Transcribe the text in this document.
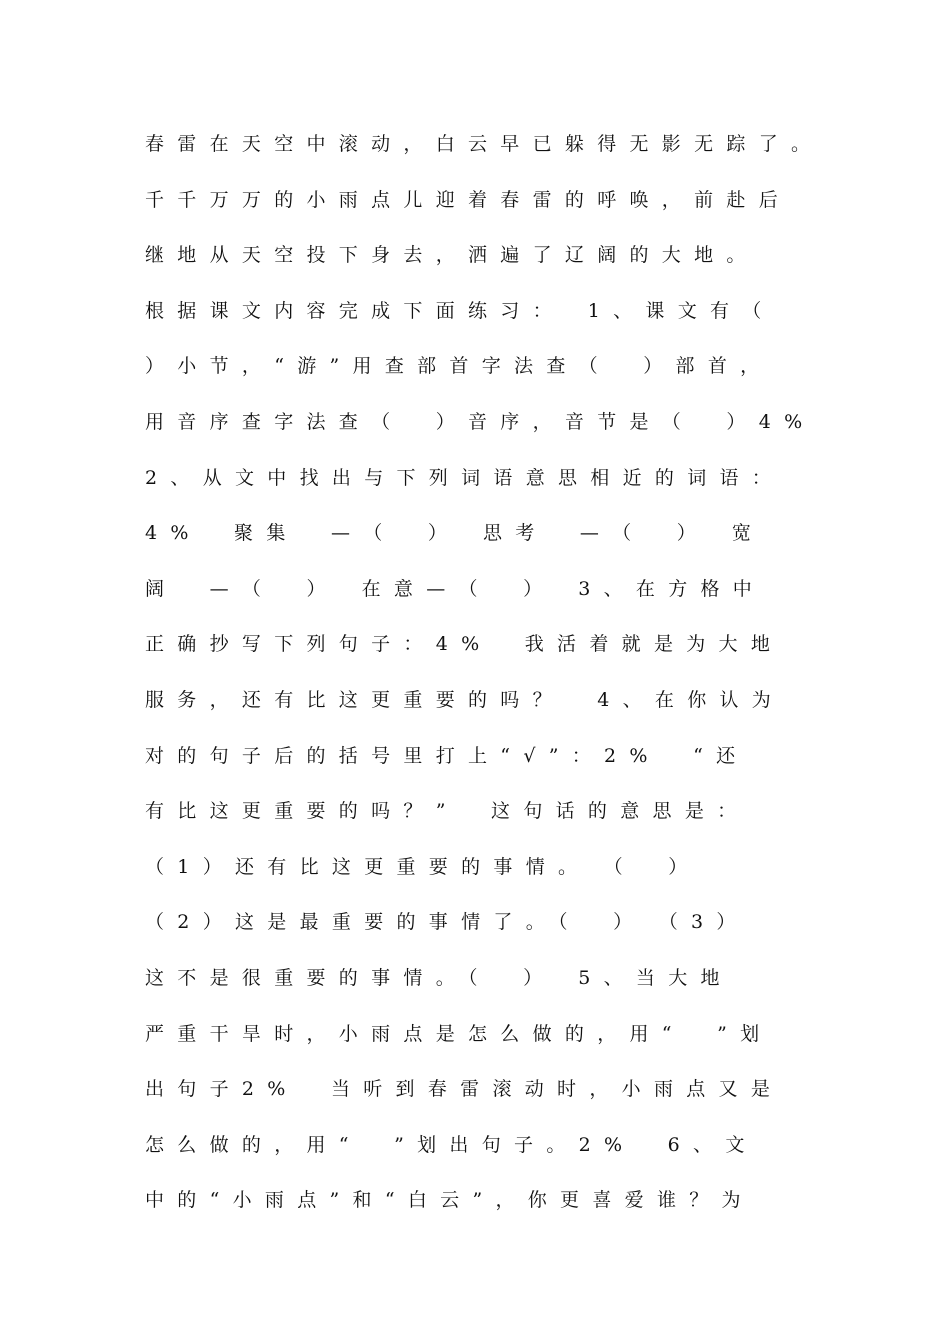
春雷在天空中滚动，白云早已躲得无影无踪了。
千千万万的小雨点儿迎着春雷的呼唤，前赴后
继地从天空投下身去，洒遍了辽阔的大地。
根据课文内容完成下面练习：　1、课文有（
）小节，“游”用查部首字法查（　）部首，
用音序查字法查（　）音序，音节是（　）4%
2、从文中找出与下列词语意思相近的词语：
4%　聚集　—（　）　思考　—（　）　宽
阔　—（　）　在意—（　）　3、在方格中
正确抄写下列句子：4%　我活着就是为大地
服务，还有比这更重要的吗？　4、在你认为
对的句子后的括号里打上“√”：2%　“还
有比这更重要的吗？”　这句话的意思是：
（1）还有比这更重要的事情。　（　）
（2）这是最重要的事情了。（　）　（3）
这不是很重要的事情。（　）　5、当大地
严重干旱时，小雨点是怎么做的，用“　”划
出句子2%　当听到春雷滚动时，小雨点又是
怎么做的，用“　”划出句子。2%　6、文
中的“小雨点”和“白云”，你更喜爱谁？为
